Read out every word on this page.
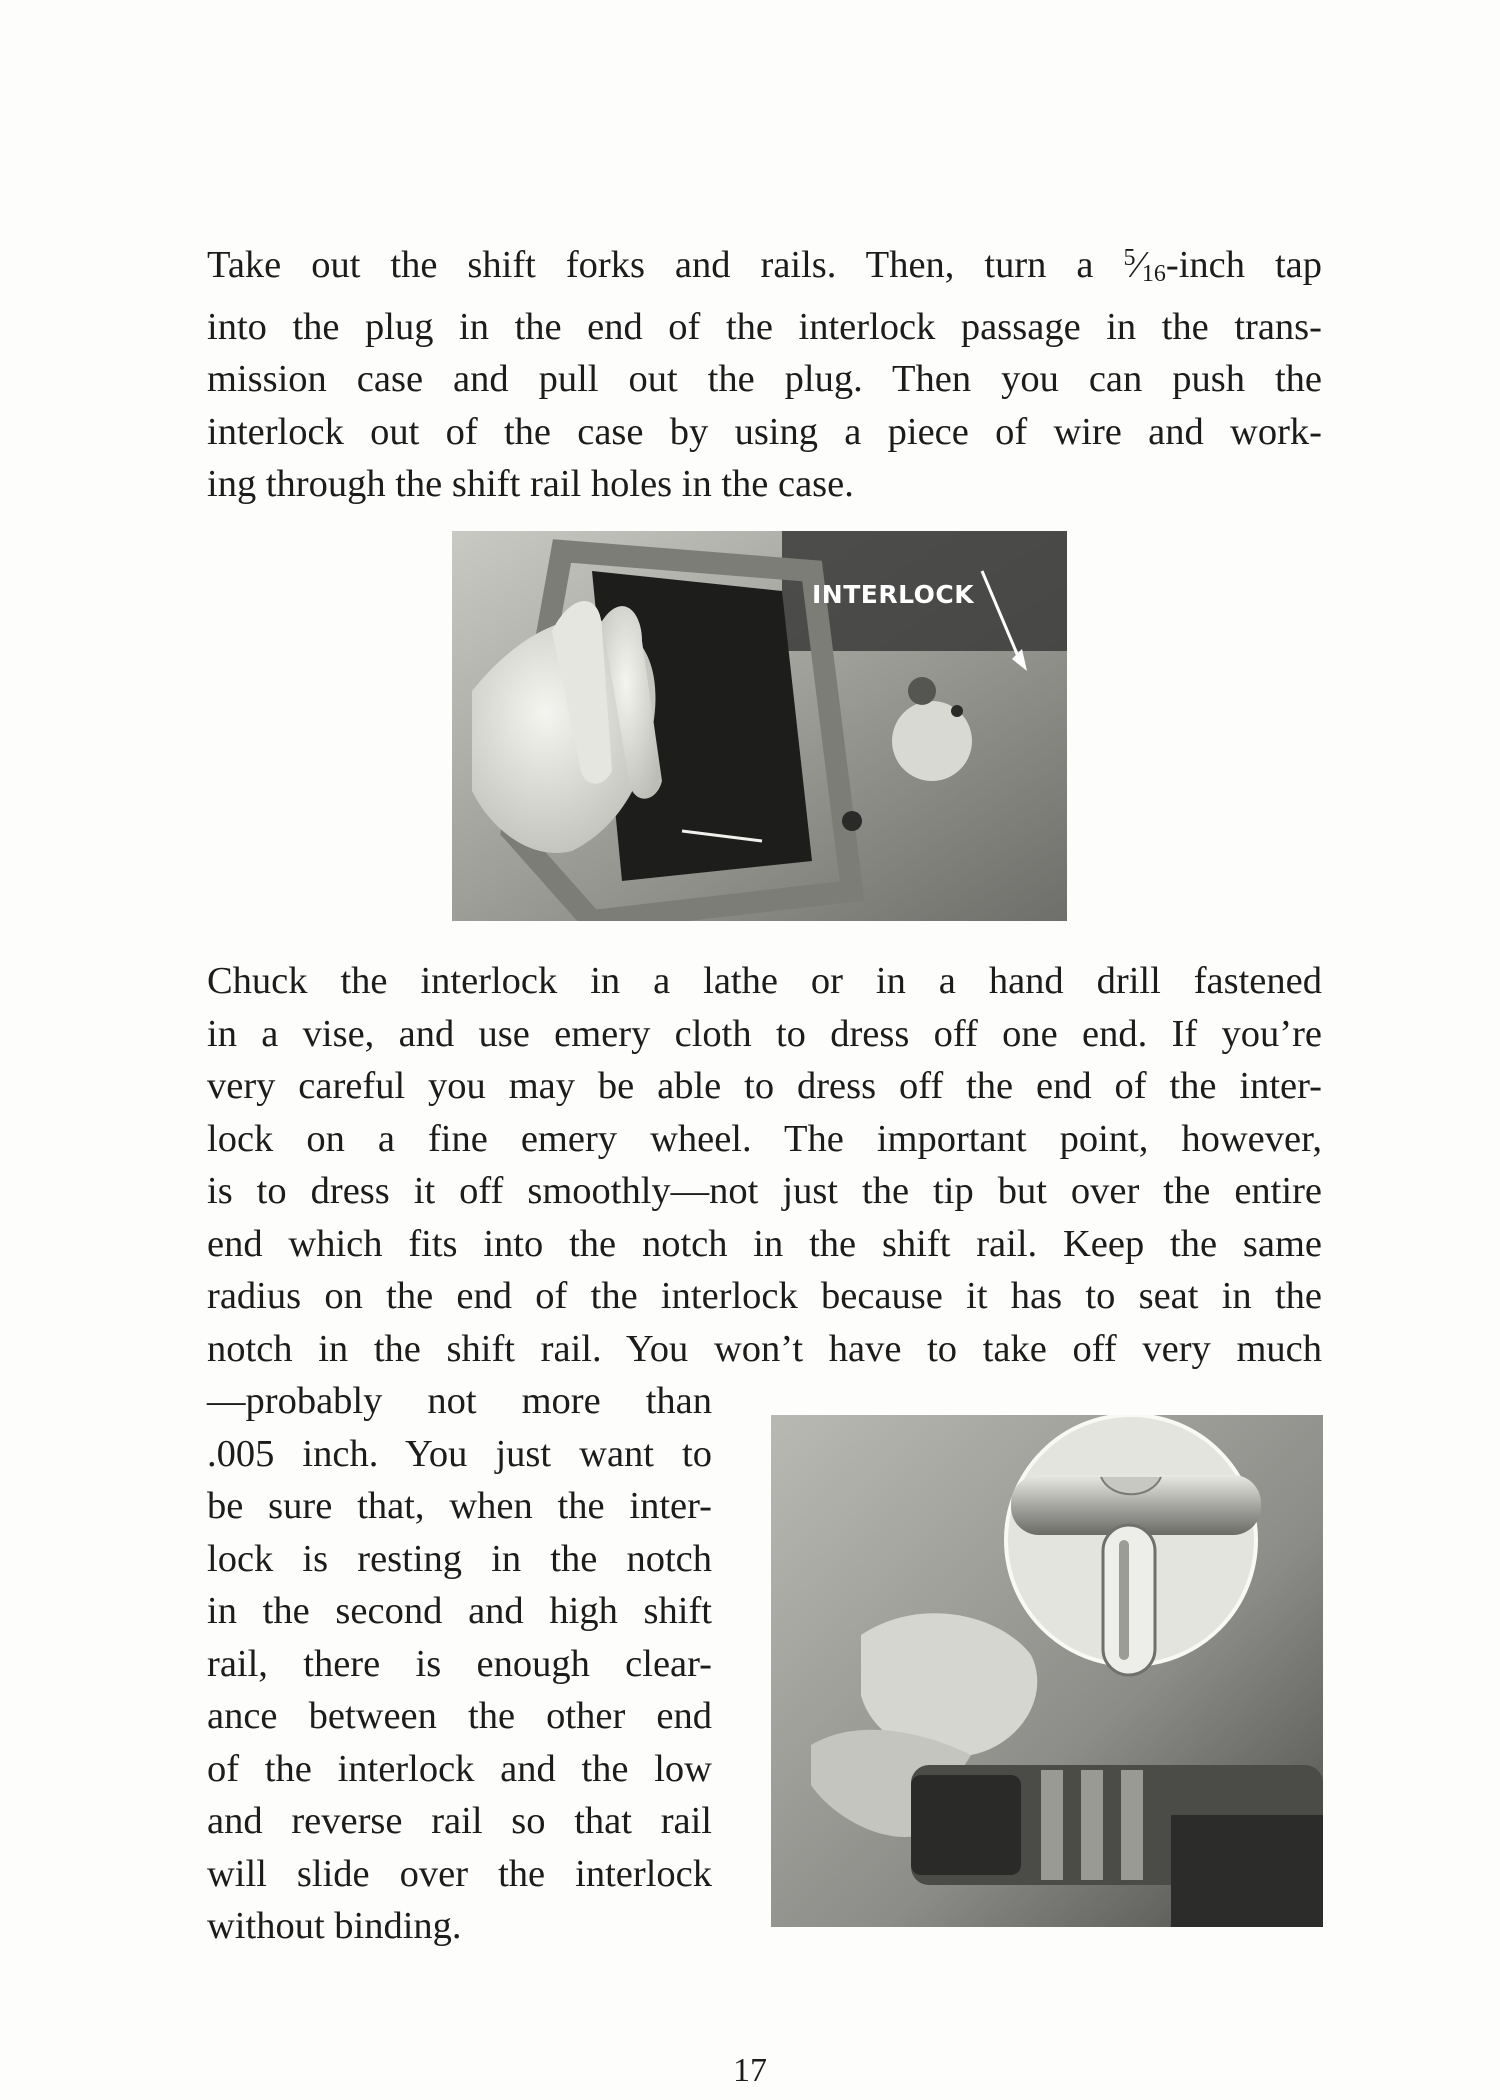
Take out the shift forks and rails. Then, turn a $^5⁄_{16}$-inch tap
into the plug in the end of the interlock passage in the trans-
mission case and pull out the plug. Then you can push the
interlock out of the case by using a piece of wire and work-
ing through the shift rail holes in the case.
INTERLOCK
Chuck the interlock in a lathe or in a hand drill fastened
in a vise, and use emery cloth to dress off one end. If you’re
very careful you may be able to dress off the end of the inter-
lock on a fine emery wheel. The important point, however,
is to dress it off smoothly—not just the tip but over the entire
end which fits into the notch in the shift rail. Keep the same
radius on the end of the interlock because it has to seat in the
notch in the shift rail. You won’t have to take off very much
—probably not more than
.005 inch. You just want to
be sure that, when the inter-
lock is resting in the notch
in the second and high shift
rail, there is enough clear-
ance between the other end
of the interlock and the low
and reverse rail so that rail
will slide over the interlock
without binding.
17
